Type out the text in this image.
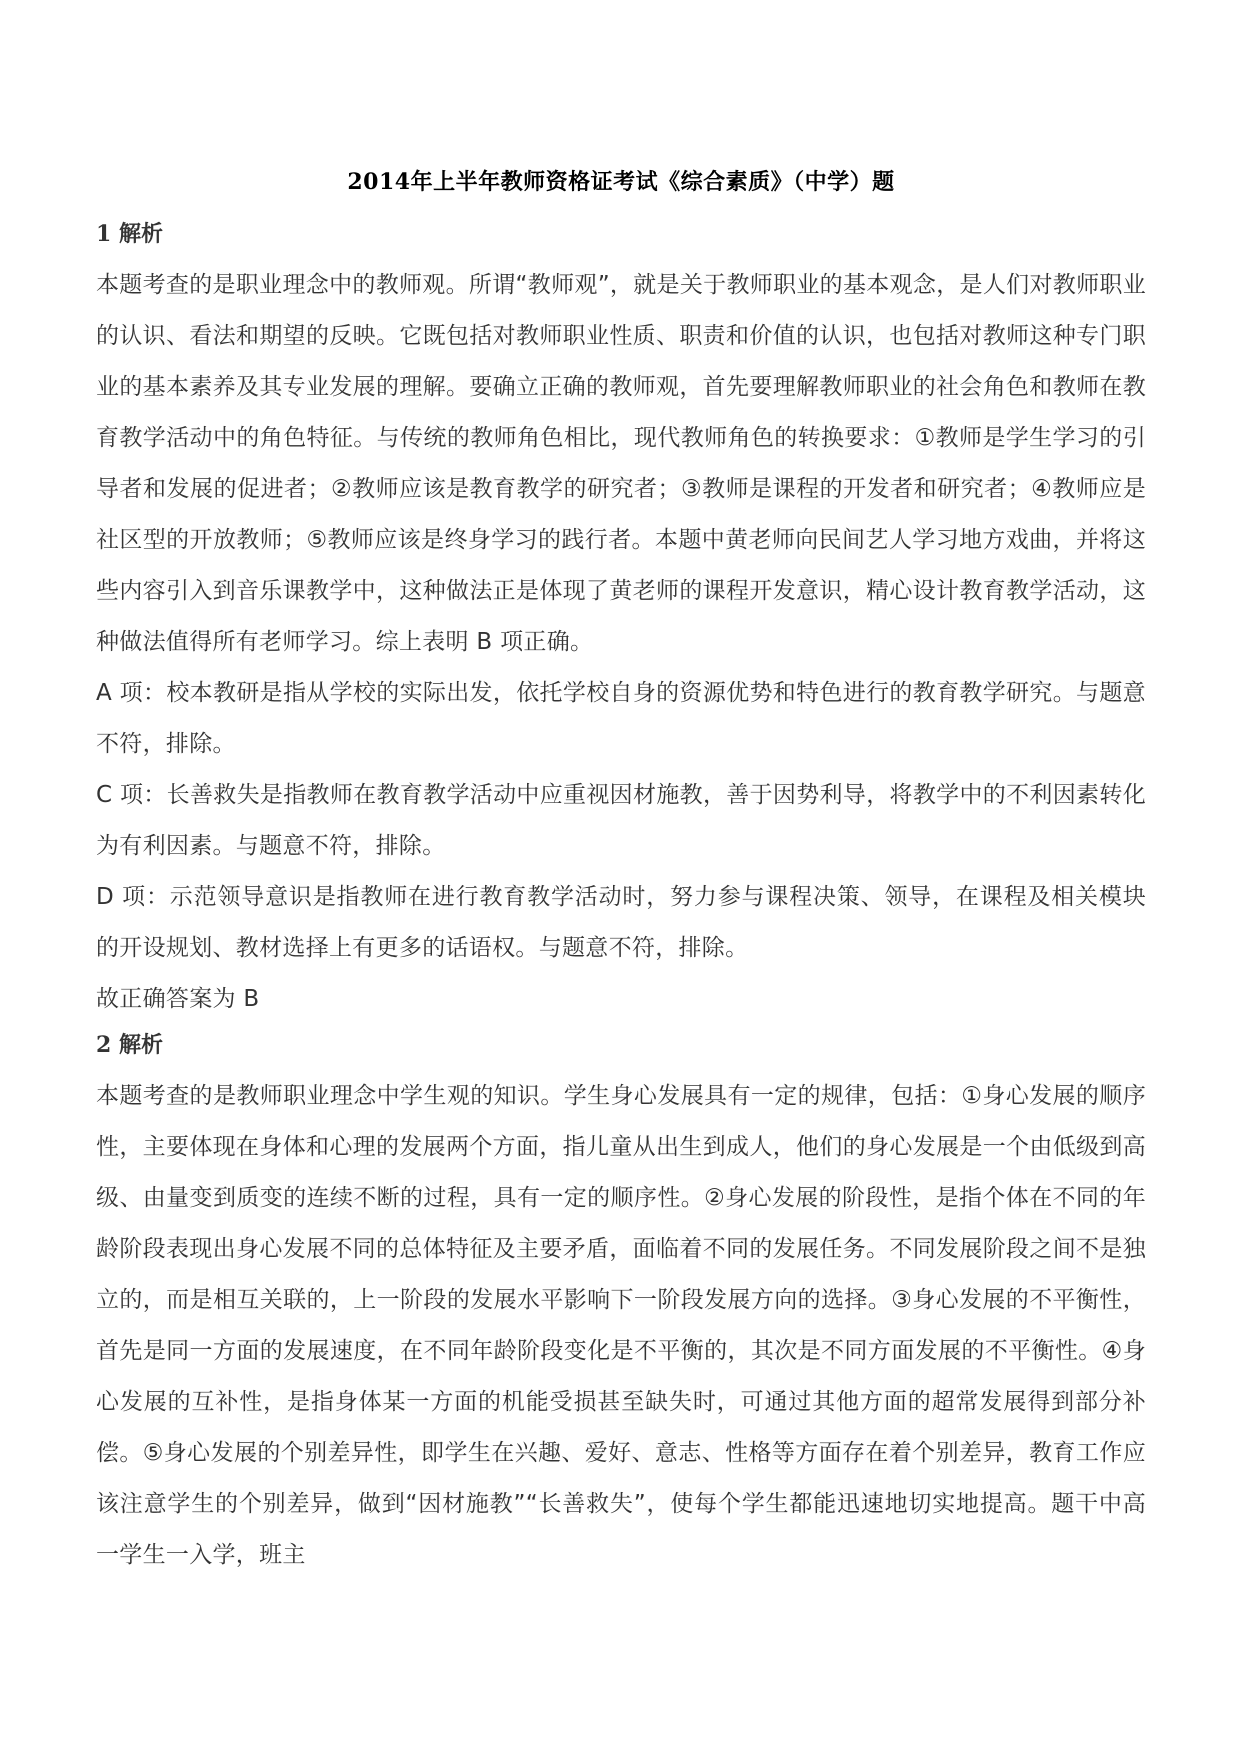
2014年上半年教师资格证考试《综合素质》（中学）题
1 解析

本题考查的是职业理念中的教师观。所谓“教师观”，就是关于教师职业的基本观念，是人们对教师职业的认识、看法和期望的反映。它既包括对教师职业性质、职责和价值的认识，也包括对教师这种专门职业的基本素养及其专业发展的理解。要确立正确的教师观，首先要理解教师职业的社会角色和教师在教育教学活动中的角色特征。与传统的教师角色相比，现代教师角色的转换要求：①教师是学生学习的引导者和发展的促进者；②教师应该是教育教学的研究者；③教师是课程的开发者和研究者；④教师应是社区型的开放教师；⑤教师应该是终身学习的践行者。本题中黄老师向民间艺人学习地方戏曲，并将这些内容引入到音乐课教学中，这种做法正是体现了黄老师的课程开发意识，精心设计教育教学活动，这种做法值得所有老师学习。综上表明 B 项正确。

A 项：校本教研是指从学校的实际出发，依托学校自身的资源优势和特色进行的教育教学研究。与题意不符，排除。

C 项：长善救失是指教师在教育教学活动中应重视因材施教，善于因势利导，将教学中的不利因素转化为有利因素。与题意不符，排除。

D 项：示范领导意识是指教师在进行教育教学活动时，努力参与课程决策、领导，在课程及相关模块的开设规划、教材选择上有更多的话语权。与题意不符，排除。

故正确答案为 B

2 解析

本题考查的是教师职业理念中学生观的知识。学生身心发展具有一定的规律，包括：①身心发展的顺序性，主要体现在身体和心理的发展两个方面，指儿童从出生到成人，他们的身心发展是一个由低级到高级、由量变到质变的连续不断的过程，具有一定的顺序性。②身心发展的阶段性，是指个体在不同的年龄阶段表现出身心发展不同的总体特征及主要矛盾，面临着不同的发展任务。不同发展阶段之间不是独立的，而是相互关联的，上一阶段的发展水平影响下一阶段发展方向的选择。③身心发展的不平衡性，首先是同一方面的发展速度，在不同年龄阶段变化是不平衡的，其次是不同方面发展的不平衡性。④身心发展的互补性，是指身体某一方面的机能受损甚至缺失时，可通过其他方面的超常发展得到部分补偿。⑤身心发展的个别差异性，即学生在兴趣、爱好、意志、性格等方面存在着个别差异，教育工作应该注意学生的个别差异，做到“因材施教”“长善救失”，使每个学生都能迅速地切实地提高。题干中高一学生一入学，班主
